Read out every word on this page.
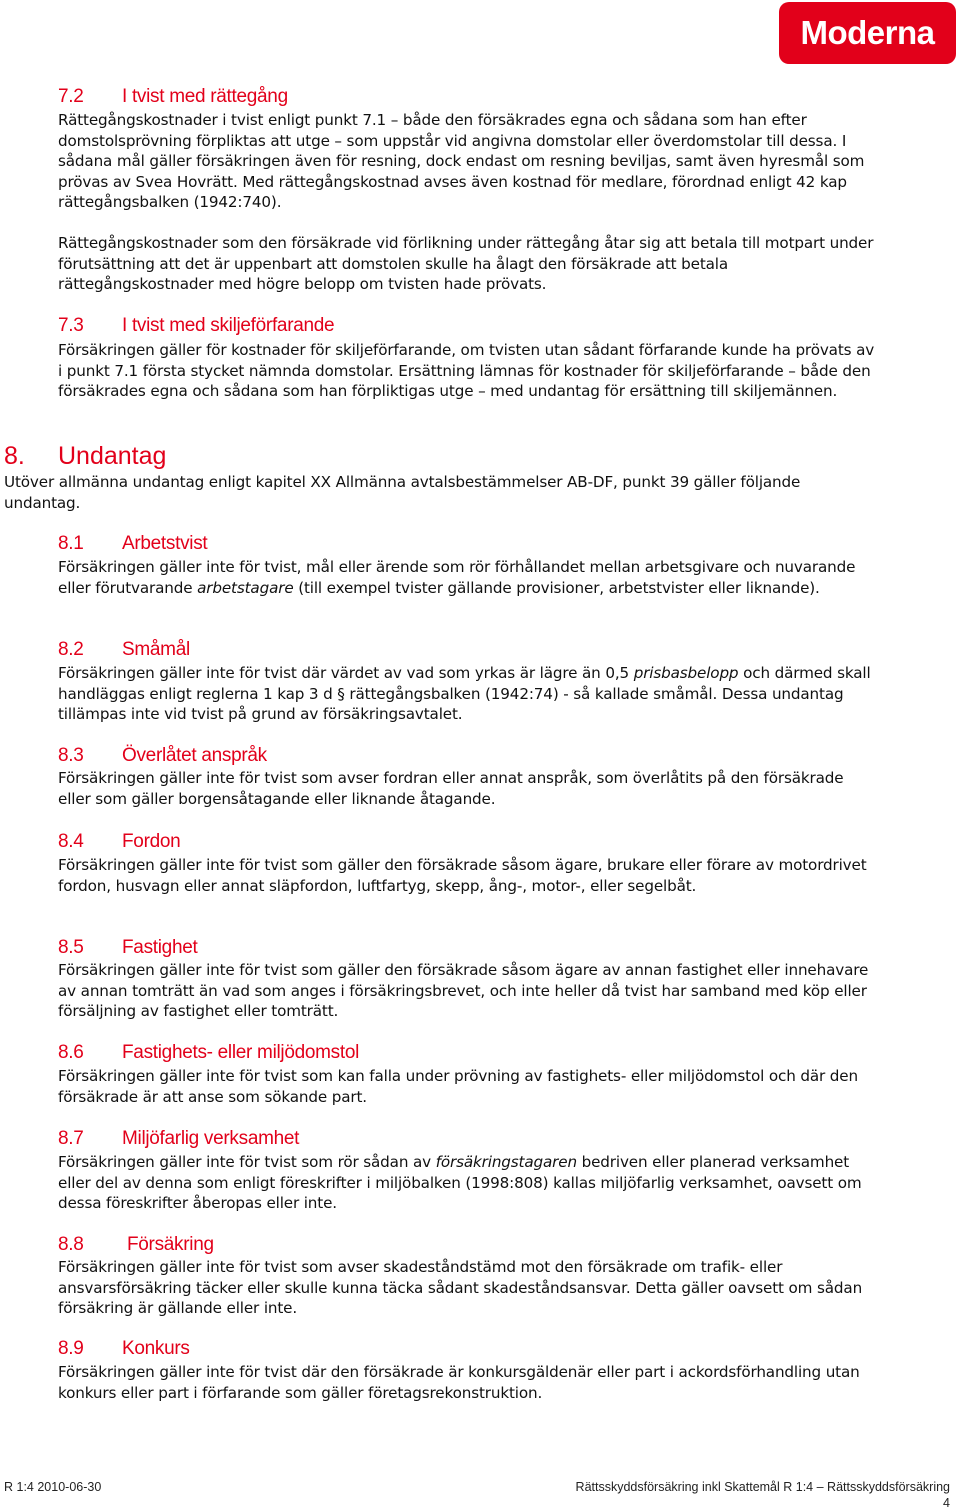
Moderna
7.2 I tvist med rättegång
Rättegångskostnader i tvist enligt punkt 7.1 – både den försäkrades egna och sådana som han efter domstolsprövning förpliktas att utge – som uppstår vid angivna domstolar eller överdomstolar till dessa. I sådana mål gäller försäkringen även för resning, dock endast om resning beviljas, samt även hyresmål som prövas av Svea Hovrätt. Med rättegångskostnad avses även kostnad för medlare, förordnad enligt 42 kap rättegångsbalken (1942:740).
Rättegångskostnader som den försäkrade vid förlikning under rättegång åtar sig att betala till motpart under förutsättning att det är uppenbart att domstolen skulle ha ålagt den försäkrade att betala rättegångskostnader med högre belopp om tvisten hade prövats.
7.3 I tvist med skiljeförfarande
Försäkringen gäller för kostnader för skiljeförfarande, om tvisten utan sådant förfarande kunde ha prövats av i punkt 7.1 första stycket nämnda domstolar. Ersättning lämnas för kostnader för skiljeförfarande – både den försäkrades egna och sådana som han förpliktigas utge – med undantag för ersättning till skiljemännen.
8. Undantag
Utöver allmänna undantag enligt kapitel XX Allmänna avtalsbestämmelser AB-DF, punkt 39 gäller följande undantag.
8.1 Arbetstvist
Försäkringen gäller inte för tvist, mål eller ärende som rör förhållandet mellan arbetsgivare och nuvarande eller förutvarande arbetstagare (till exempel tvister gällande provisioner, arbetstvister eller liknande).
8.2 Småmål
Försäkringen gäller inte för tvist där värdet av vad som yrkas är lägre än 0,5 prisbasbelopp och därmed skall handläggas enligt reglerna 1 kap 3 d § rättegångsbalken (1942:74) - så kallade småmål. Dessa undantag tillämpas inte vid tvist på grund av försäkringsavtalet.
8.3 Överlåtet anspråk
Försäkringen gäller inte för tvist som avser fordran eller annat anspråk, som överlåtits på den försäkrade eller som gäller borgensåtagande eller liknande åtagande.
8.4 Fordon
Försäkringen gäller inte för tvist som gäller den försäkrade såsom ägare, brukare eller förare av motordrivet fordon, husvagn eller annat släpfordon, luftfartyg, skepp, ång-, motor-, eller segelbåt.
8.5 Fastighet
Försäkringen gäller inte för tvist som gäller den försäkrade såsom ägare av annan fastighet eller innehavare av annan tomträtt än vad som anges i försäkringsbrevet, och inte heller då tvist har samband med köp eller försäljning av fastighet eller tomträtt.
8.6 Fastighets- eller miljödomstol
Försäkringen gäller inte för tvist som kan falla under prövning av fastighets- eller miljödomstol och där den försäkrade är att anse som sökande part.
8.7 Miljöfarlig verksamhet
Försäkringen gäller inte för tvist som rör sådan av försäkringstagaren bedriven eller planerad verksamhet eller del av denna som enligt föreskrifter i miljöbalken (1998:808) kallas miljöfarlig verksamhet, oavsett om dessa föreskrifter åberopas eller inte.
8.8 Försäkring
Försäkringen gäller inte för tvist som avser skadeståndstämd mot den försäkrade om trafik- eller ansvarsförsäkring täcker eller skulle kunna täcka sådant skadeståndsansvar. Detta gäller oavsett om sådan försäkring är gällande eller inte.
8.9 Konkurs
Försäkringen gäller inte för tvist där den försäkrade är konkursgäldenär eller part i ackordsförhandling utan konkurs eller part i förfarande som gäller företagsrekonstruktion.
R 1:4 2010-06-30	Rättsskyddsförsäkring inkl Skattemål R 1:4 – Rättsskyddsförsäkring
4
